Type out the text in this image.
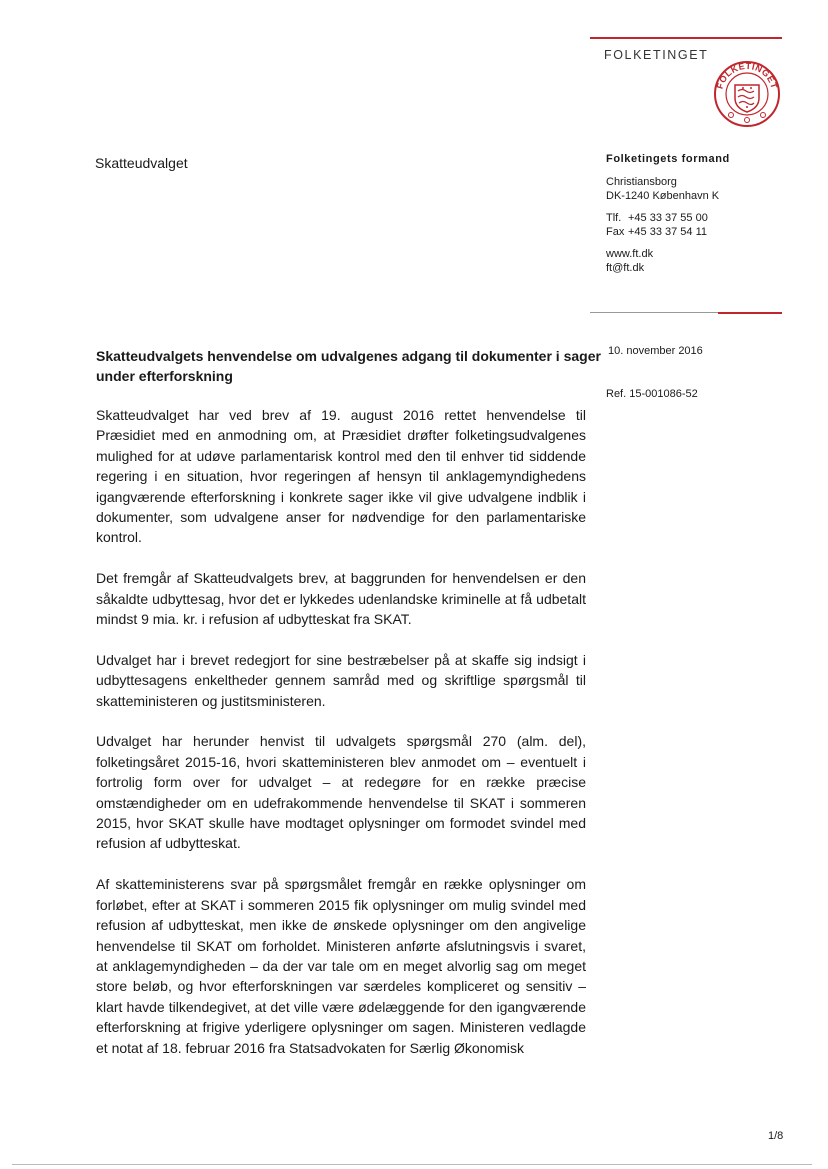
FOLKETINGET
FOLKETINGET
Skatteudvalget	Folketingets formand
Christiansborg
DK-1240 København K
Tlf. +45 33 37 55 00
Fax +45 33 37 54 11
www.ft.dk
ft@ft.dk
10. november 2016
Ref. 15-001086-52
Skatteudvalgets henvendelse om udvalgenes adgang til dokumenter i sager under efterforskning

Skatteudvalget har ved brev af 19. august 2016 rettet henvendelse til Præsidiet med en anmodning om, at Præsidiet drøfter folketingsudvalgenes mulighed for at udøve parlamentarisk kontrol med den til enhver tid siddende regering i en situation, hvor regeringen af hensyn til anklagemyndighedens igangværende efterforskning i konkrete sager ikke vil give udvalgene indblik i dokumenter, som udvalgene anser for nødvendige for den parlamentariske kontrol.

Det fremgår af Skatteudvalgets brev, at baggrunden for henvendelsen er den såkaldte udbyttesag, hvor det er lykkedes udenlandske kriminelle at få udbetalt mindst 9 mia. kr. i refusion af udbytteskat fra SKAT.

Udvalget har i brevet redegjort for sine bestræbelser på at skaffe sig indsigt i udbyttesagens enkeltheder gennem samråd med og skriftlige spørgsmål til skatteministeren og justitsministeren.

Udvalget har herunder henvist til udvalgets spørgsmål 270 (alm. del), folketingsåret 2015-16, hvori skatteministeren blev anmodet om – eventuelt i fortrolig form over for udvalget – at redegøre for en række præcise omstændigheder om en udefrakommende henvendelse til SKAT i sommeren 2015, hvor SKAT skulle have modtaget oplysninger om formodet svindel med refusion af udbytteskat.

Af skatteministerens svar på spørgsmålet fremgår en række oplysninger om forløbet, efter at SKAT i sommeren 2015 fik oplysninger om mulig svindel med refusion af udbytteskat, men ikke de ønskede oplysninger om den angivelige henvendelse til SKAT om forholdet. Ministeren anførte afslutningsvis i svaret, at anklagemyndigheden – da der var tale om en meget alvorlig sag om meget store beløb, og hvor efterforskningen var særdeles kompliceret og sensitiv – klart havde tilkendegivet, at det ville være ødelæggende for den igangværende efterforskning at frigive yderligere oplysninger om sagen. Ministeren vedlagde et notat af 18. februar 2016 fra Statsadvokaten for Særlig Økonomisk

1/8
